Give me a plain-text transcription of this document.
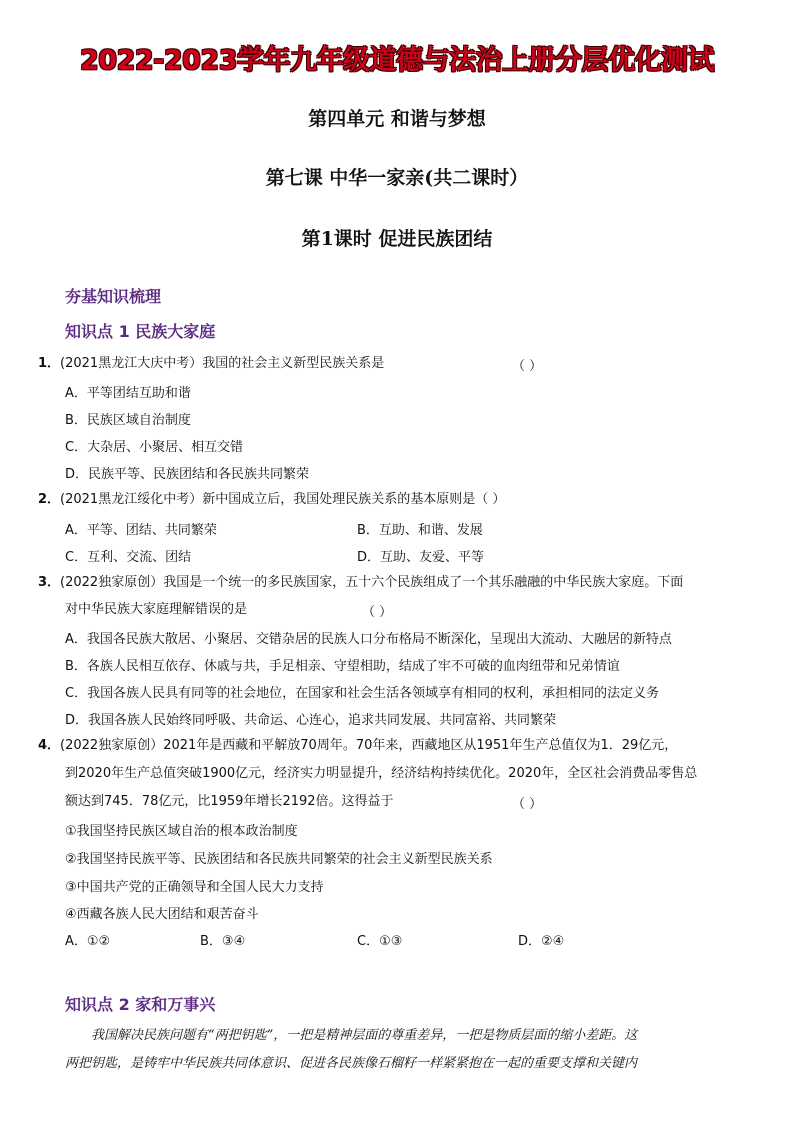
2022-2023学年九年级道德与法治上册分层优化测试
第四单元 和谐与梦想
第七课 中华一家亲(共二课时）
第1课时 促进民族团结
夯基知识梳理
知识点 1 民族大家庭
1．(2021黑龙江大庆中考）我国的社会主义新型民族关系是	（ ）
A．平等团结互助和谐
B．民族区域自治制度
C．大杂居、小聚居、相互交错
D．民族平等、民族团结和各民族共同繁荣
2．(2021黑龙江绥化中考）新中国成立后，我国处理民族关系的基本原则是（ ）
A．平等、团结、共同繁荣	B．互助、和谐、发展
C．互利、交流、团结	D．互助、友爱、平等
3．(2022独家原创）我国是一个统一的多民族国家，五十六个民族组成了一个其乐融融的中华民族大家庭。下面
对中华民族大家庭理解错误的是	（ ）
A．我国各民族大散居、小聚居、交错杂居的民族人口分布格局不断深化，呈现出大流动、大融居的新特点
B．各族人民相互依存、休戚与共，手足相亲、守望相助，结成了牢不可破的血肉纽带和兄弟情谊
C．我国各族人民具有同等的社会地位，在国家和社会生活各领域享有相同的权利，承担相同的法定义务
D．我国各族人民始终同呼吸、共命运、心连心，追求共同发展、共同富裕、共同繁荣
4．(2022独家原创）2021年是西藏和平解放70周年。70年来，西藏地区从1951年生产总值仅为1．29亿元，
到2020年生产总值突破1900亿元，经济实力明显提升，经济结构持续优化。2020年，全区社会消费品零售总
额达到745．78亿元，比1959年增长2192倍。这得益于	（ ）
①我国坚持民族区域自治的根本政治制度
②我国坚持民族平等、民族团结和各民族共同繁荣的社会主义新型民族关系
③中国共产党的正确领导和全国人民大力支持
④西藏各族人民大团结和艰苦奋斗
A．①②	B．③④	C．①③	D．②④
知识点 2 家和万事兴
我国解决民族问题有“两把钥匙”，一把是精神层面的尊重差异，一把是物质层面的缩小差距。这
两把钥匙，是铸牢中华民族共同体意识、促进各民族像石榴籽一样紧紧抱在一起的重要支撑和关键内
